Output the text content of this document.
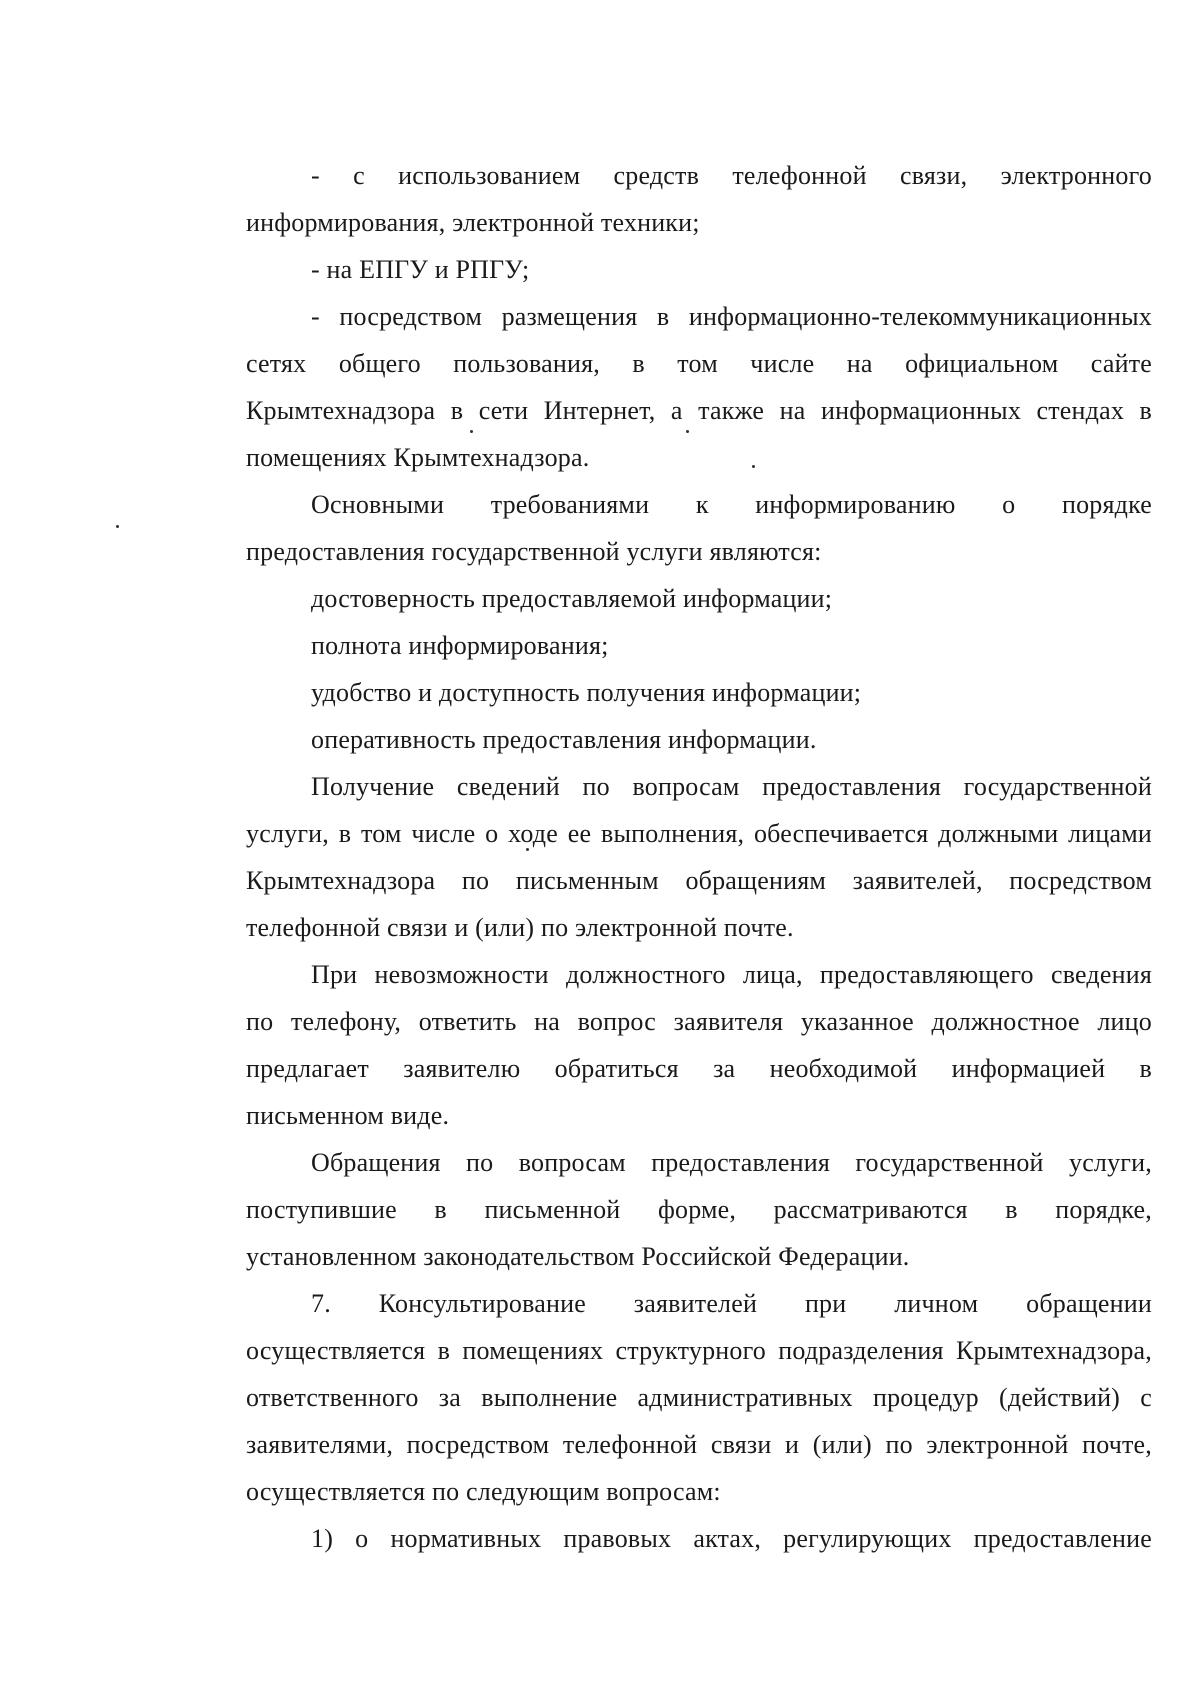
- с использованием средств телефонной связи, электронного
информирования, электронной техники;
- на ЕПГУ и РПГУ;
- посредством размещения в информационно-телекоммуникационных
сетях общего пользования, в том числе на официальном сайте
Крымтехнадзора в сети Интернет, а также на информационных стендах в
помещениях Крымтехнадзора.
Основными требованиями к информированию о порядке
предоставления государственной услуги являются:
достоверность предоставляемой информации;
полнота информирования;
удобство и доступность получения информации;
оперативность предоставления информации.
Получение сведений по вопросам предоставления государственной
услуги, в том числе о ходе ее выполнения, обеспечивается должными лицами
Крымтехнадзора по письменным обращениям заявителей, посредством
телефонной связи и (или) по электронной почте.
При невозможности должностного лица, предоставляющего сведения
по телефону, ответить на вопрос заявителя указанное должностное лицо
предлагает заявителю обратиться за необходимой информацией в
письменном виде.
Обращения по вопросам предоставления государственной услуги,
поступившие в письменной форме, рассматриваются в порядке,
установленном законодательством Российской Федерации.
7. Консультирование заявителей при личном обращении
осуществляется в помещениях структурного подразделения Крымтехнадзора,
ответственного за выполнение административных процедур (действий) с
заявителями, посредством телефонной связи и (или) по электронной почте,
осуществляется по следующим вопросам:
1) о нормативных правовых актах, регулирующих предоставление
